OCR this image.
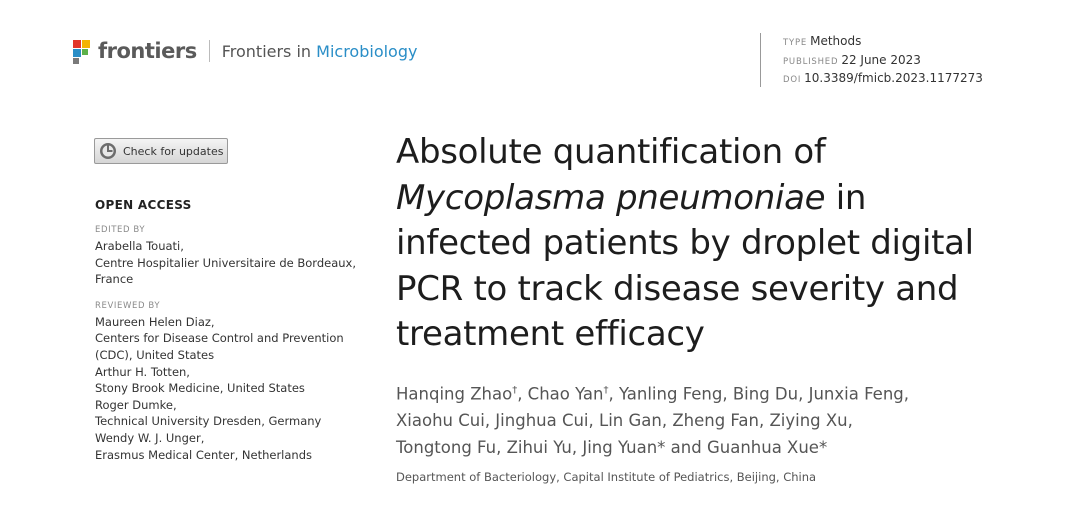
frontiers Frontiers in Microbiology	TYPE Methods
PUBLISHED 22 June 2023
DOI 10.3389/fmicb.2023.1177273
Check for updates
OPEN ACCESS
EDITED BY
Arabella Touati,
Centre Hospitalier Universitaire de Bordeaux,
France
REVIEWED BY
Maureen Helen Diaz,
Centers for Disease Control and Prevention
(CDC), United States
Arthur H. Totten,
Stony Brook Medicine, United States
Roger Dumke,
Technical University Dresden, Germany
Wendy W. J. Unger,
Erasmus Medical Center, Netherlands
Absolute quantification of
Mycoplasma pneumoniae in
infected patients by droplet digital
PCR to track disease severity and
treatment efficacy
Hanqing Zhao†, Chao Yan†, Yanling Feng, Bing Du, Junxia Feng,
Xiaohu Cui, Jinghua Cui, Lin Gan, Zheng Fan, Ziying Xu,
Tongtong Fu, Zihui Yu, Jing Yuan* and Guanhua Xue*
Department of Bacteriology, Capital Institute of Pediatrics, Beijing, China
